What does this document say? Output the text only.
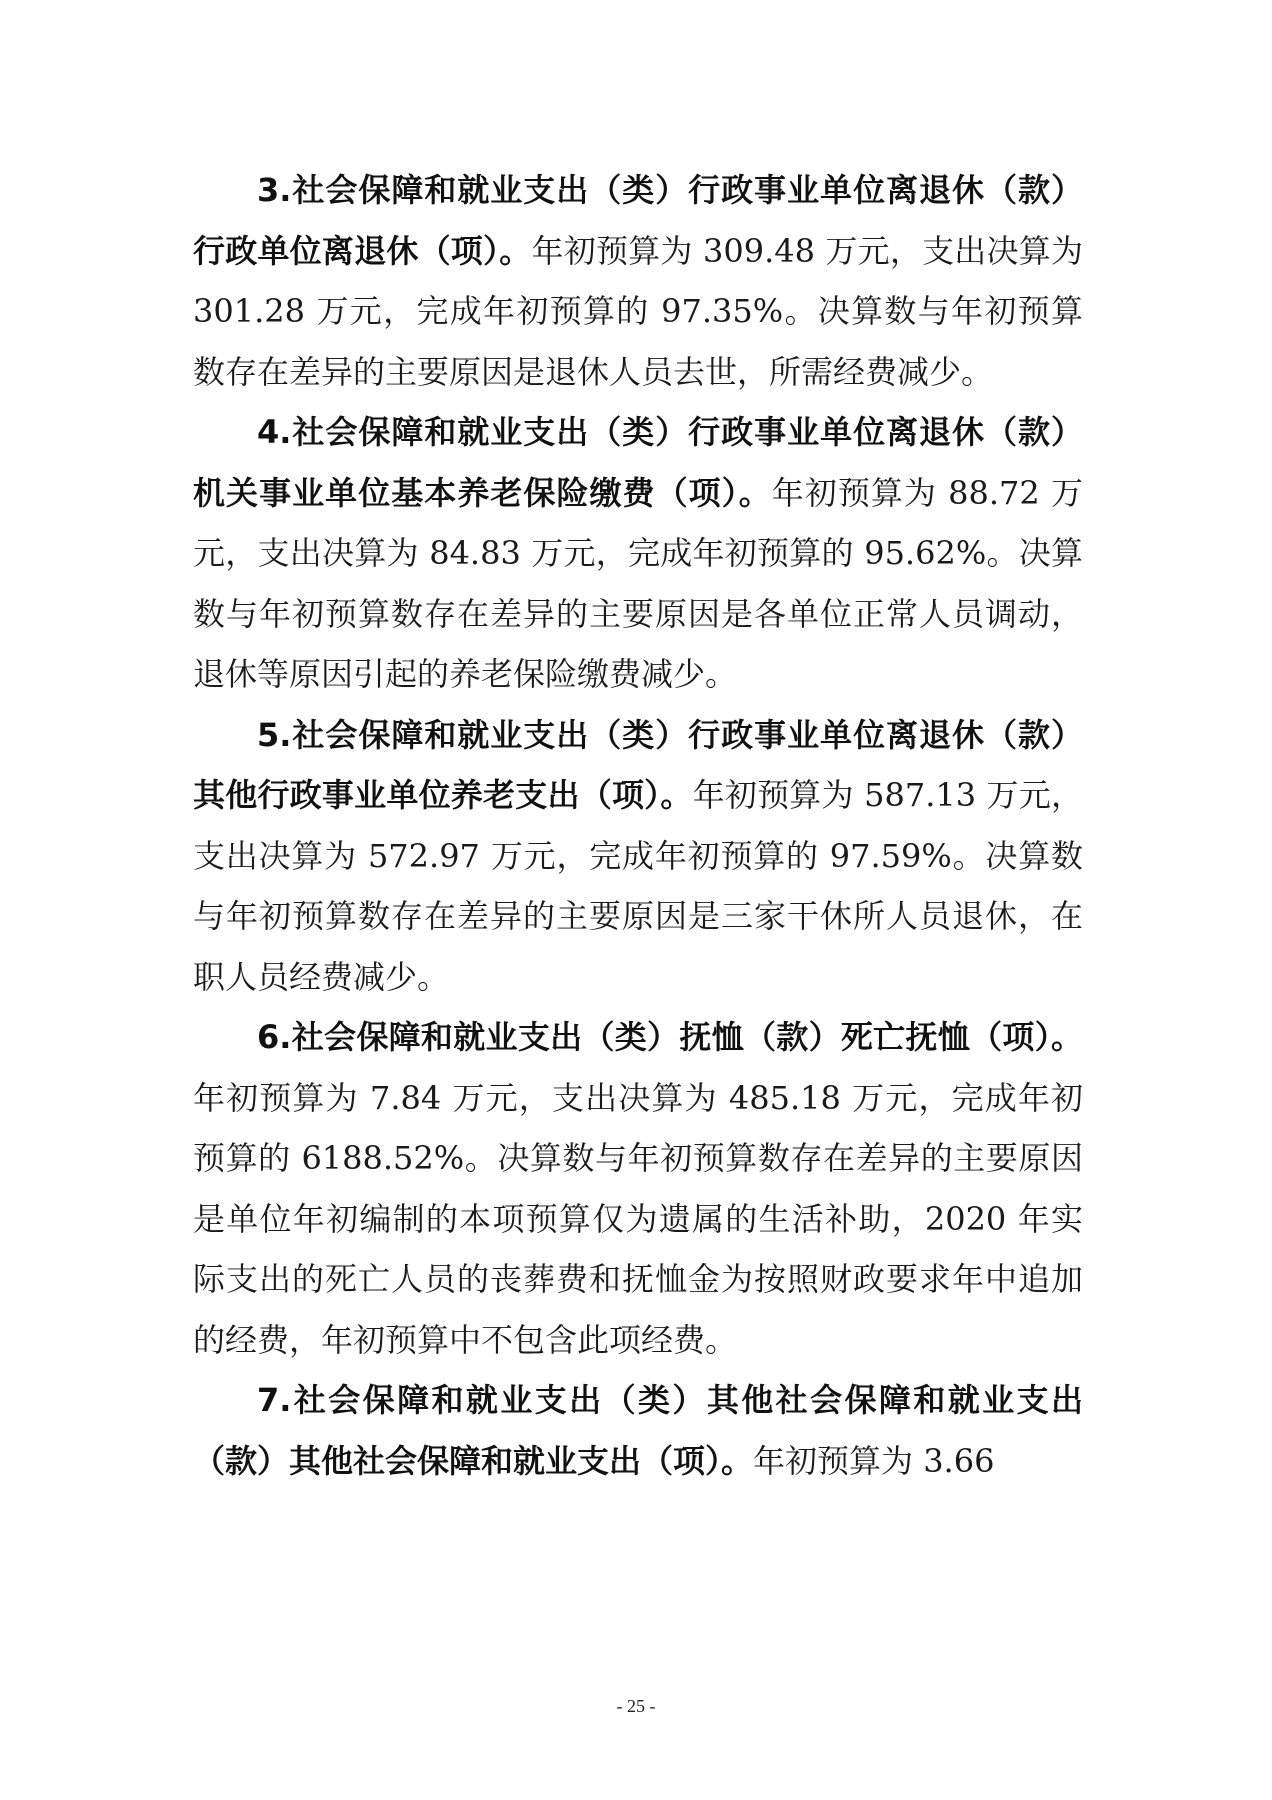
3.社会保障和就业支出（类）行政事业单位离退休（款）行政单位离退休（项）。年初预算为 309.48 万元，支出决算为 301.28 万元，完成年初预算的 97.35%。决算数与年初预算数存在差异的主要原因是退休人员去世，所需经费减少。

4.社会保障和就业支出（类）行政事业单位离退休（款）机关事业单位基本养老保险缴费（项）。年初预算为 88.72 万元，支出决算为 84.83 万元，完成年初预算的 95.62%。决算数与年初预算数存在差异的主要原因是各单位正常人员调动，退休等原因引起的养老保险缴费减少。

5.社会保障和就业支出（类）行政事业单位离退休（款）其他行政事业单位养老支出（项）。年初预算为 587.13 万元，支出决算为 572.97 万元，完成年初预算的 97.59%。决算数与年初预算数存在差异的主要原因是三家干休所人员退休，在职人员经费减少。

6.社会保障和就业支出（类）抚恤（款）死亡抚恤（项）。年初预算为 7.84 万元，支出决算为 485.18 万元，完成年初预算的 6188.52%。决算数与年初预算数存在差异的主要原因是单位年初编制的本项预算仅为遗属的生活补助，2020 年实际支出的死亡人员的丧葬费和抚恤金为按照财政要求年中追加的经费，年初预算中不包含此项经费。

7.社会保障和就业支出（类）其他社会保障和就业支出（款）其他社会保障和就业支出（项）。年初预算为 3.66

- 25 -
